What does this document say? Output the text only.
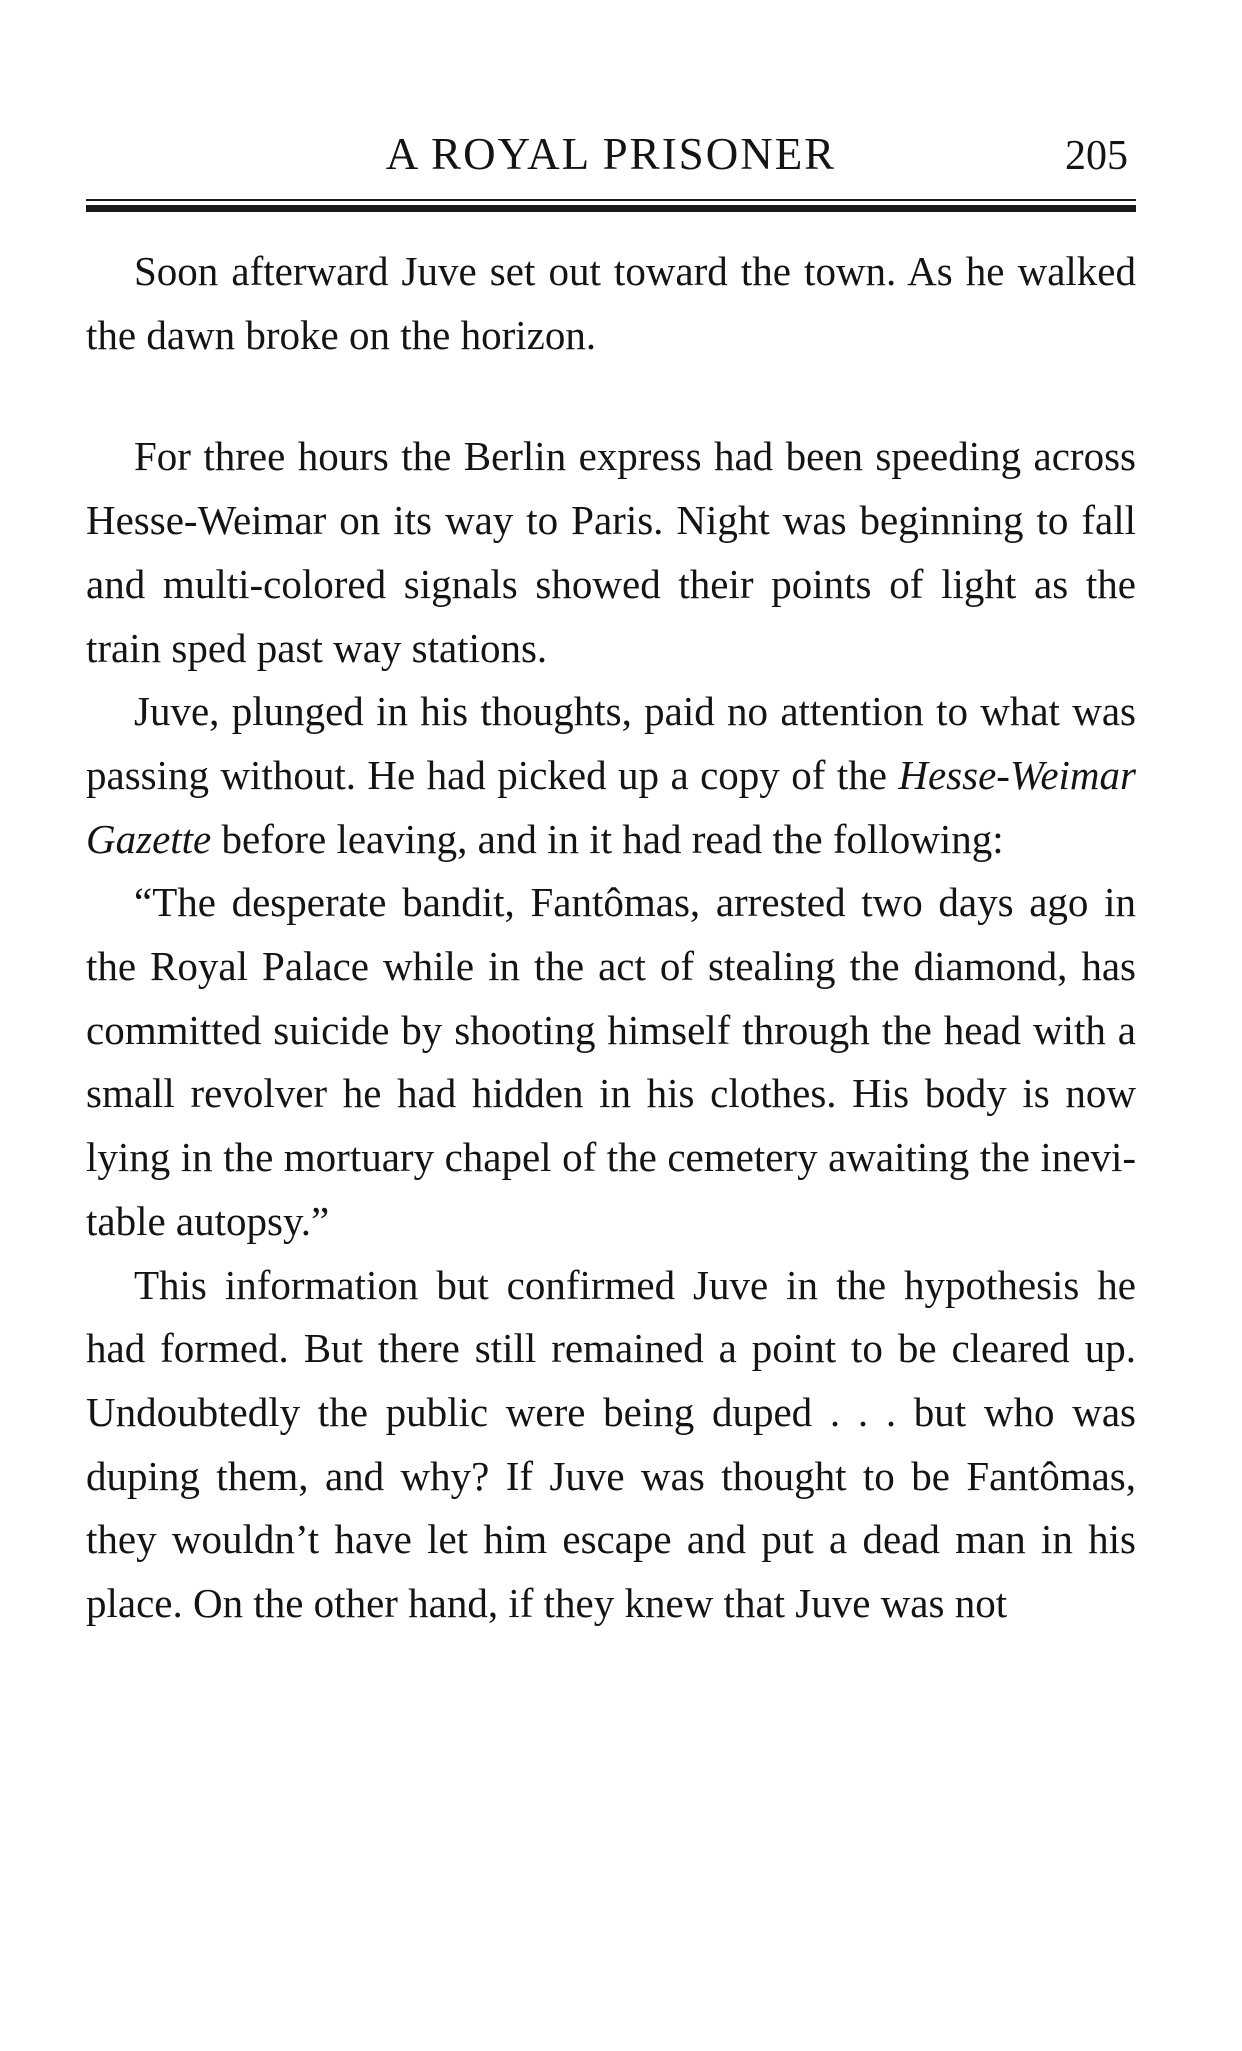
A ROYAL PRISONER	205

Soon afterward Juve set out toward the town. As he walked the dawn broke on the horizon.

For three hours the Berlin express had been speeding across Hesse-Weimar on its way to Paris. Night was beginning to fall and multi-colored signals showed their points of light as the train sped past way stations.

Juve, plunged in his thoughts, paid no attention to what was passing without. He had picked up a copy of the Hesse-Weimar Gazette before leaving, and in it had read the following:

“The desperate bandit, Fantômas, arrested two days ago in the Royal Palace while in the act of stealing the diamond, has committed suicide by shooting himself through the head with a small revolver he had hidden in his clothes. His body is now lying in the mortuary chapel of the cemetery awaiting the inevitable autopsy.”

This information but confirmed Juve in the hypothesis he had formed. But there still remained a point to be cleared up. Undoubtedly the public were being duped . . . but who was duping them, and why? If Juve was thought to be Fantômas, they wouldn’t have let him escape and put a dead man in his place. On the other hand, if they knew that Juve was not
